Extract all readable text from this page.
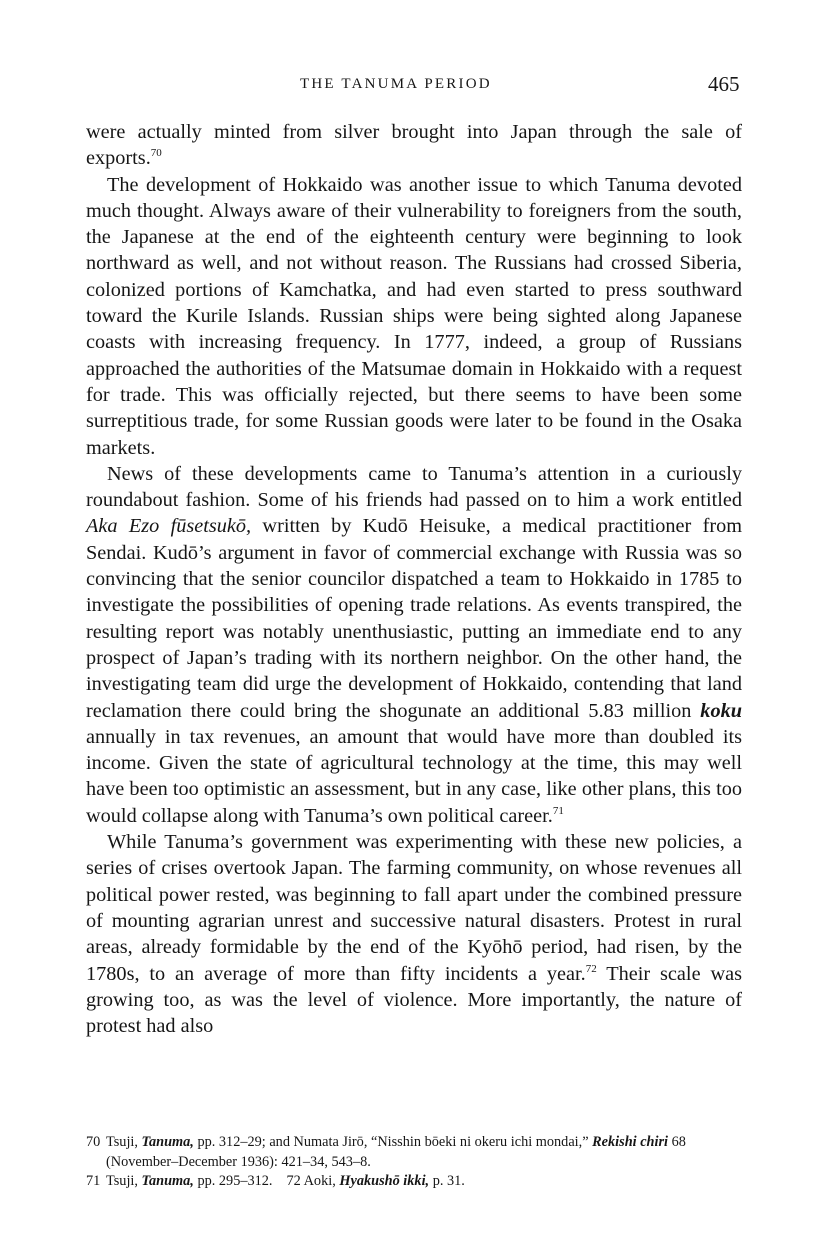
THE TANUMA PERIOD	465

were actually minted from silver brought into Japan through the sale of exports.$^{70}$

The development of Hokkaido was another issue to which Tanuma devoted much thought. Always aware of their vulnerability to foreigners from the south, the Japanese at the end of the eighteenth century were beginning to look northward as well, and not without reason. The Russians had crossed Siberia, colonized portions of Kamchatka, and had even started to press southward toward the Kurile Islands. Russian ships were being sighted along Japanese coasts with increasing frequency. In 1777, indeed, a group of Russians approached the authorities of the Matsumae domain in Hokkaido with a request for trade. This was officially rejected, but there seems to have been some surreptitious trade, for some Russian goods were later to be found in the Osaka markets.

News of these developments came to Tanuma’s attention in a curiously roundabout fashion. Some of his friends had passed on to him a work entitled Aka Ezo fūsetsukō, written by Kudō Heisuke, a medical practitioner from Sendai. Kudō’s argument in favor of commercial exchange with Russia was so convincing that the senior councilor dispatched a team to Hokkaido in 1785 to investigate the possibilities of opening trade relations. As events transpired, the resulting report was notably unenthusiastic, putting an immediate end to any prospect of Japan’s trading with its northern neighbor. On the other hand, the investigating team did urge the development of Hokkaido, contending that land reclamation there could bring the shogunate an additional 5.83 million koku annually in tax revenues, an amount that would have more than doubled its income. Given the state of agricultural technology at the time, this may well have been too optimistic an assessment, but in any case, like other plans, this too would collapse along with Tanuma’s own political career.$^{71}$

While Tanuma’s government was experimenting with these new policies, a series of crises overtook Japan. The farming community, on whose revenues all political power rested, was beginning to fall apart under the combined pressure of mounting agrarian unrest and successive natural disasters. Protest in rural areas, already formidable by the end of the Kyōhō period, had risen, by the 1780s, to an average of more than fifty incidents a year.$^{72}$ Their scale was growing too, as was the level of violence. More importantly, the nature of protest had also

70 Tsuji, Tanuma, pp. 312–29; and Numata Jirō, “Nisshin bōeki ni okeru ichi mondai,” Rekishi chiri 68 (November–December 1936): 421–34, 543–8.

71 Tsuji, Tanuma, pp. 295–312. 72 Aoki, Hyakushō ikki, p. 31.
